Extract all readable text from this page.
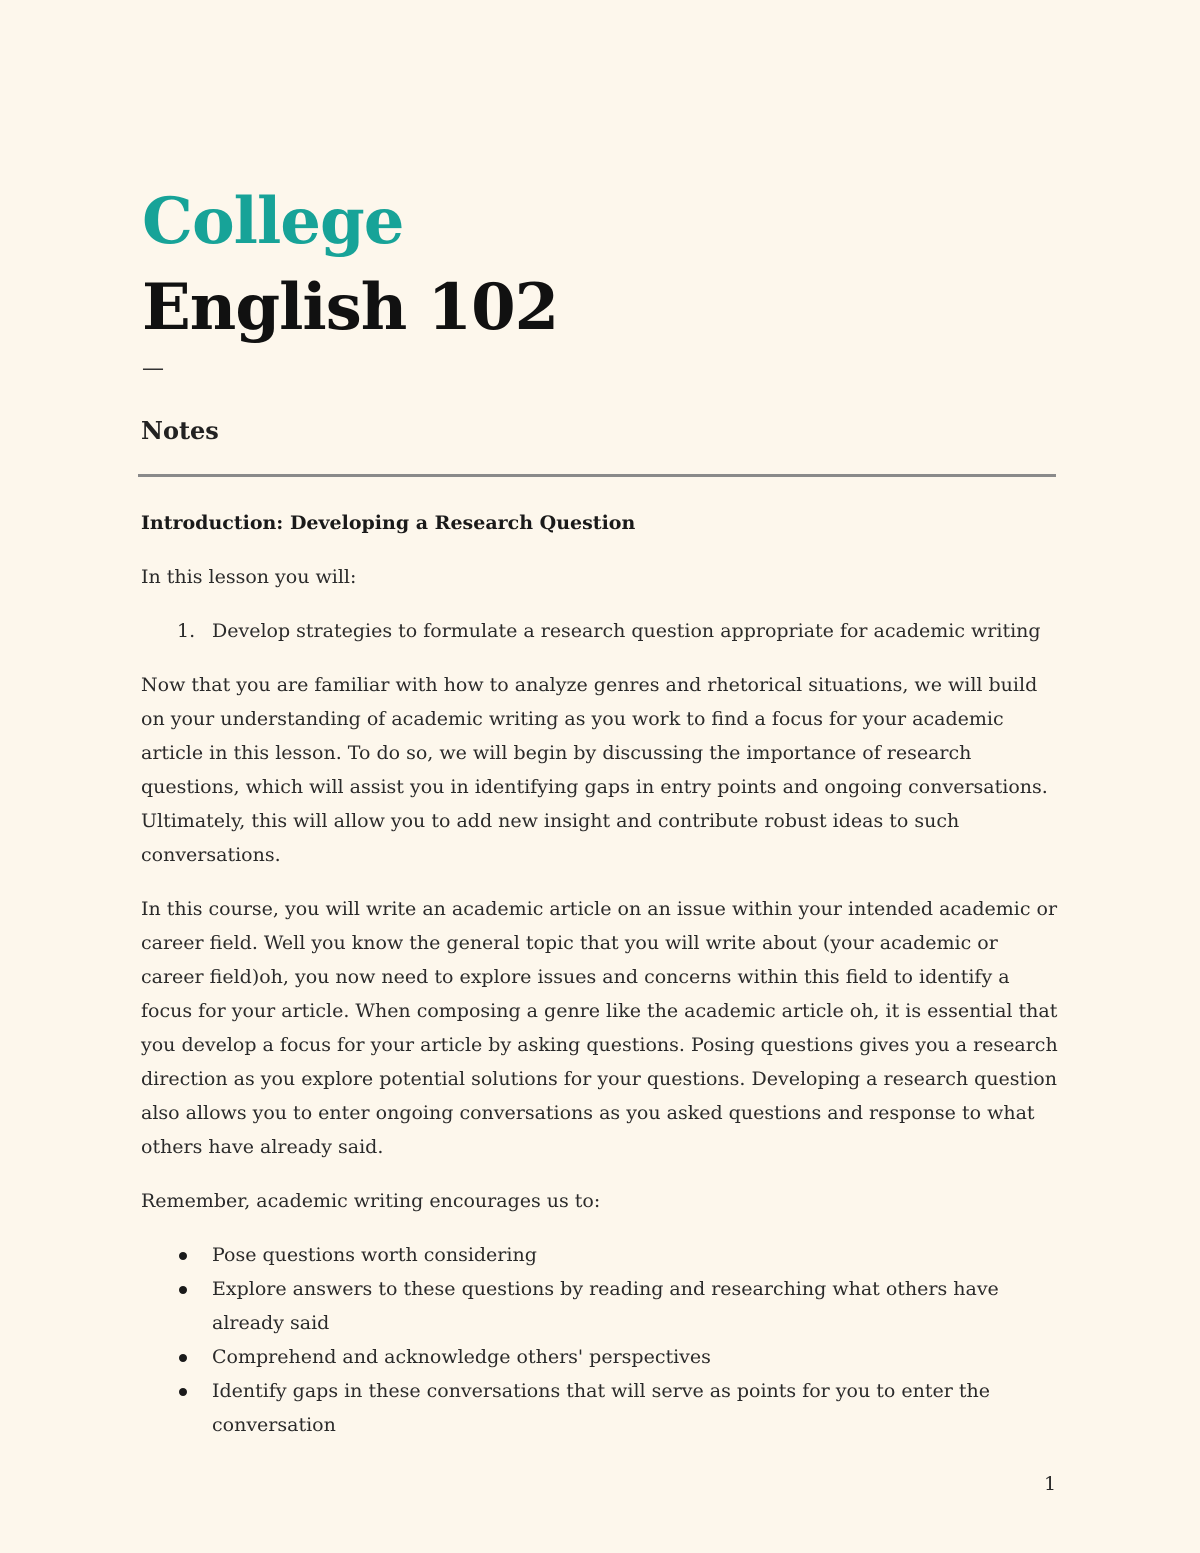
College
English 102
—
Notes
Introduction: Developing a Research Question

In this lesson you will:

1. Develop strategies to formulate a research question appropriate for academic writing

Now that you are familiar with how to analyze genres and rhetorical situations, we will build on your understanding of academic writing as you work to find a focus for your academic article in this lesson. To do so, we will begin by discussing the importance of research questions, which will assist you in identifying gaps in entry points and ongoing conversations. Ultimately, this will allow you to add new insight and contribute robust ideas to such conversations.

In this course, you will write an academic article on an issue within your intended academic or career field. Well you know the general topic that you will write about (your academic or career field)oh, you now need to explore issues and concerns within this field to identify a focus for your article. When composing a genre like the academic article oh, it is essential that you develop a focus for your article by asking questions. Posing questions gives you a research direction as you explore potential solutions for your questions. Developing a research question also allows you to enter ongoing conversations as you asked questions and response to what others have already said.

Remember, academic writing encourages us to:

Pose questions worth considering
Explore answers to these questions by reading and researching what others have already said
Comprehend and acknowledge others' perspectives
Identify gaps in these conversations that will serve as points for you to enter the conversation
1
